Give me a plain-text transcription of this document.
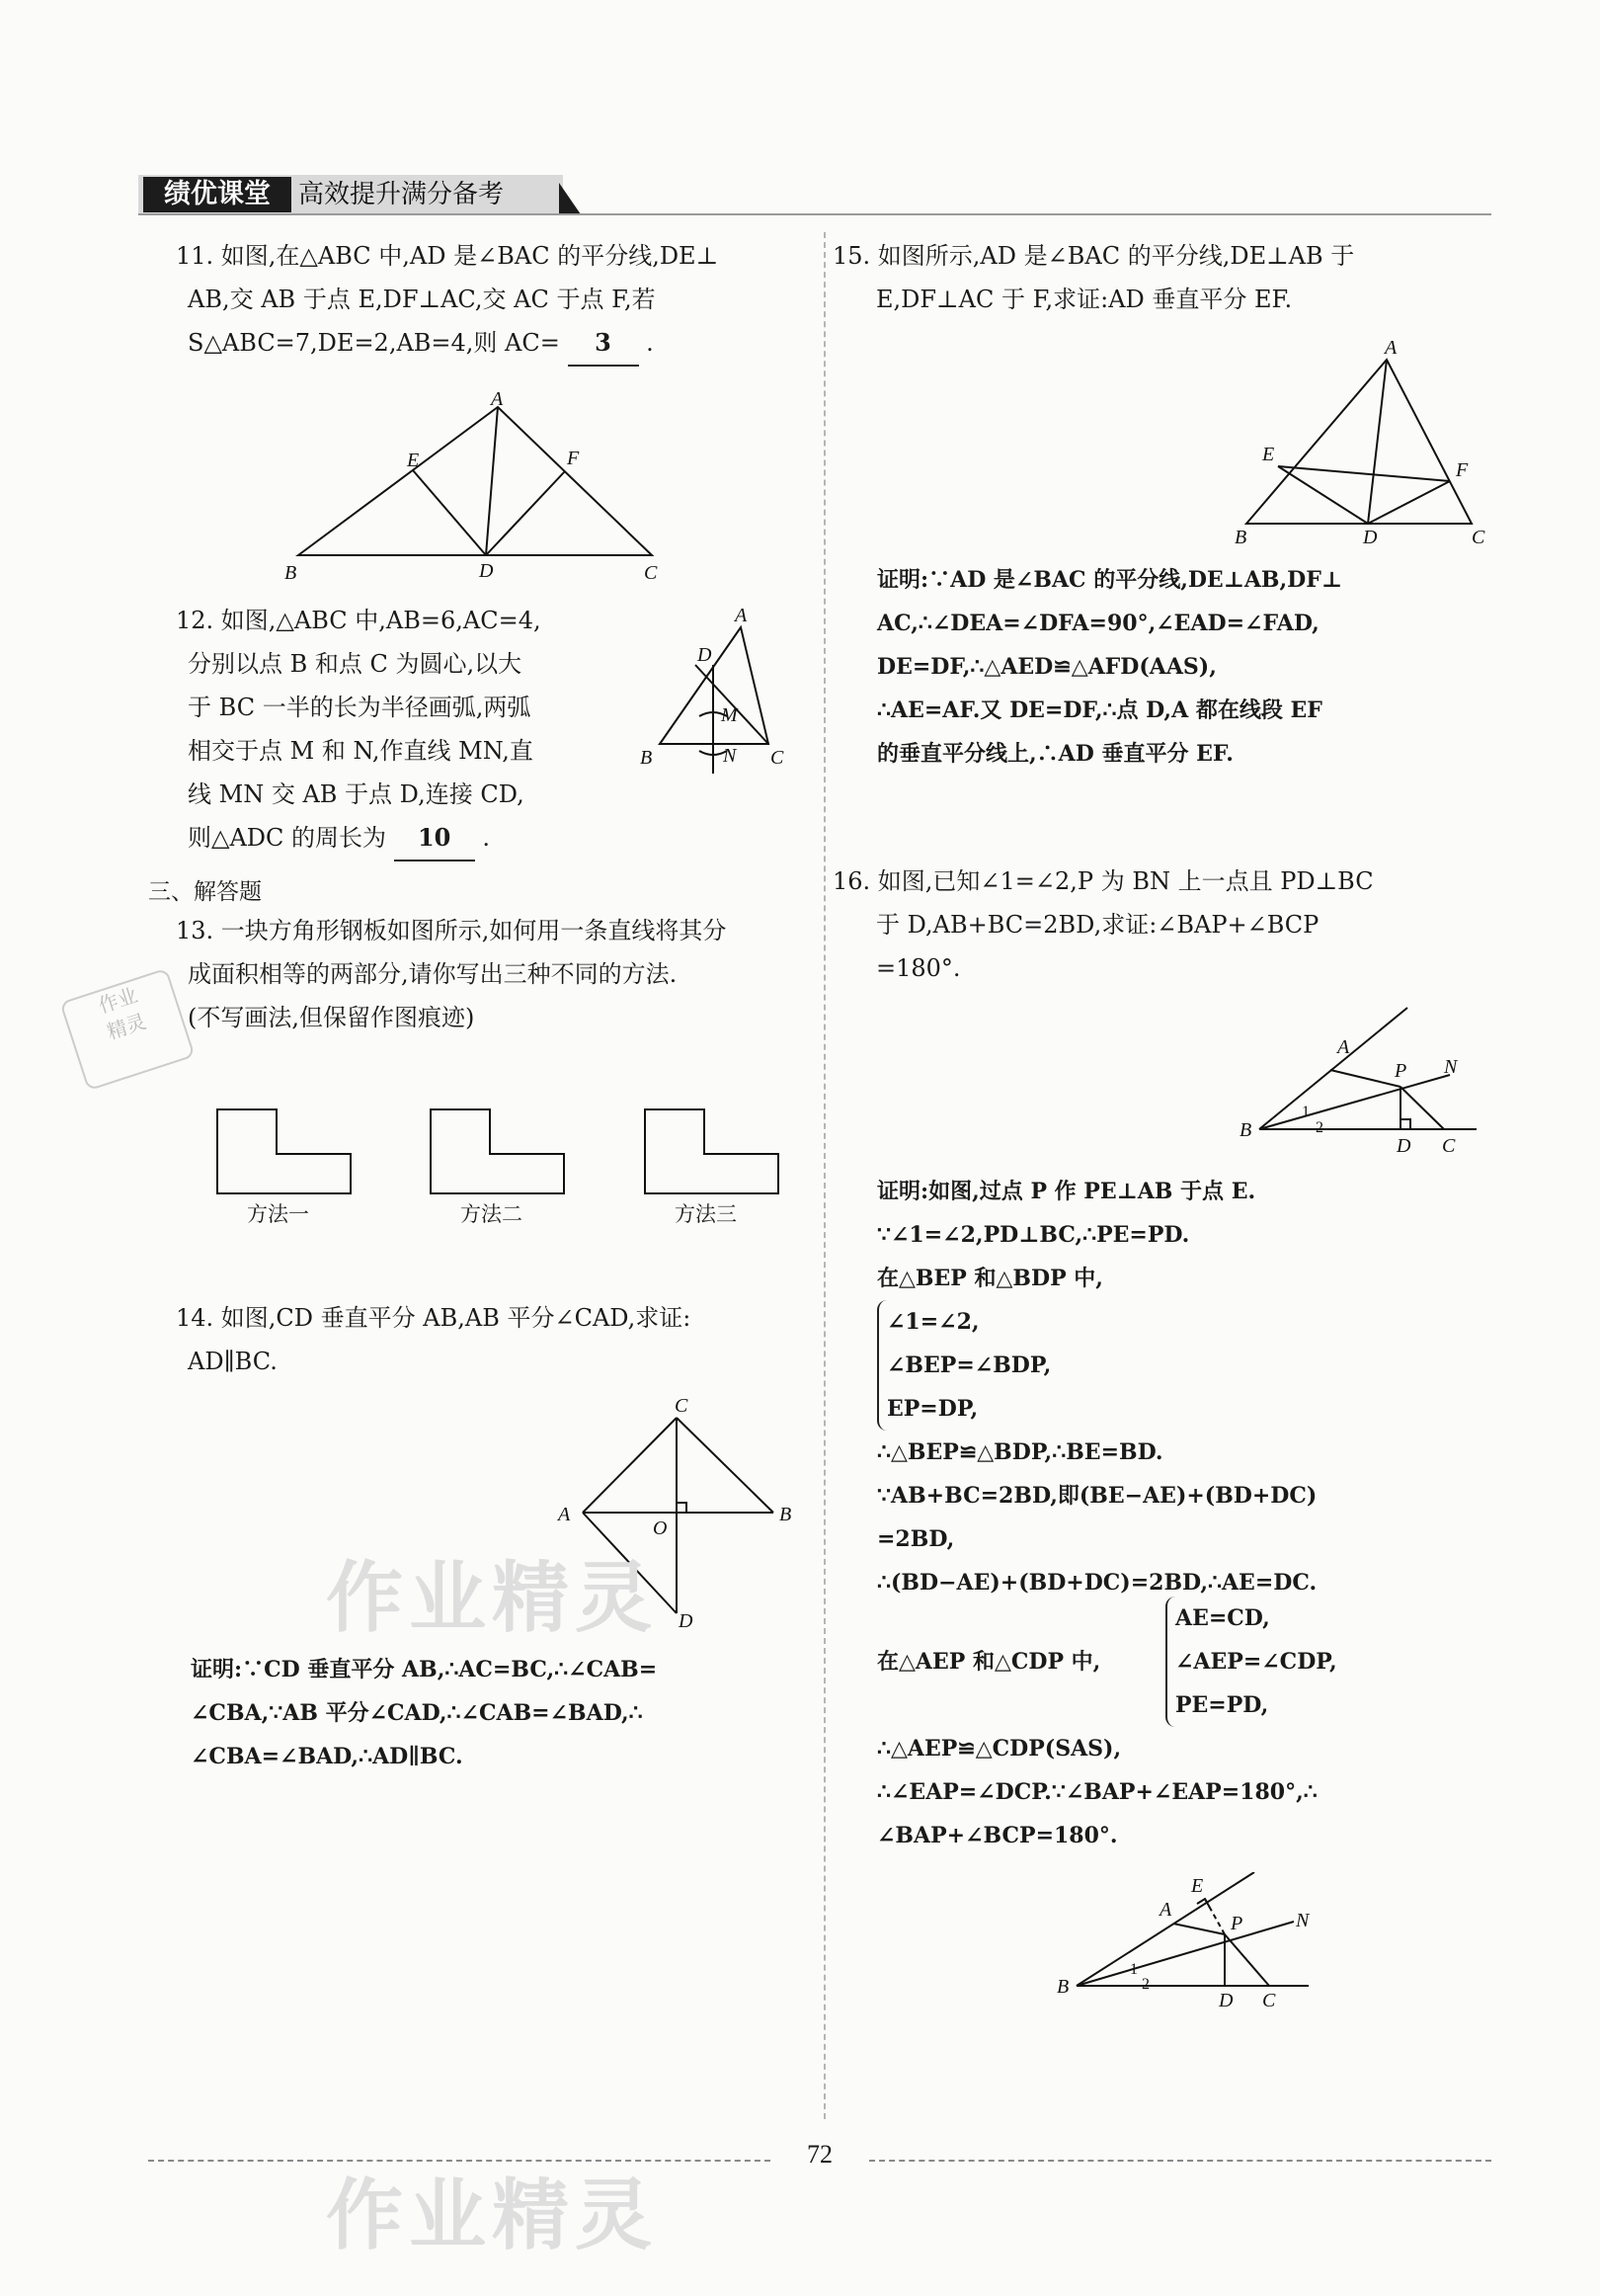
绩优课堂	高效提升满分备考
11. 如图,在△ABC 中,AD 是∠BAC 的平分线,DE⊥
AB,交 AB 于点 E,DF⊥AC,交 AC 于点 F,若
S△ABC=7,DE=2,AB=4,则 AC= 3 .
A
B	C
D
E	F
12. 如图,△ABC 中,AB=6,AC=4,
分别以点 B 和点 C 为圆心,以大
于 BC 一半的长为半径画弧,两弧
相交于点 M 和 N,作直线 MN,直
线 MN 交 AB 于点 D,连接 CD,
则△ADC 的周长为 10 .
A
B	C
D
M
N
三、解答题
13. 一块方角形钢板如图所示,如何用一条直线将其分
成面积相等的两部分,请你写出三种不同的方法.
(不写画法,但保留作图痕迹)
作业
精灵
方法一	方法二	方法三
14. 如图,CD 垂直平分 AB,AB 平分∠CAD,求证:
AD∥BC.
C
A	B
O
D
证明:∵CD 垂直平分 AB,∴AC=BC,∴∠CAB=
∠CBA,∵AB 平分∠CAD,∴∠CAB=∠BAD,∴
∠CBA=∠BAD,∴AD∥BC.
15. 如图所示,AD 是∠BAC 的平分线,DE⊥AB 于
E,DF⊥AC 于 F,求证:AD 垂直平分 EF.
A
B	C
D
E
F
证明:∵AD 是∠BAC 的平分线,DE⊥AB,DF⊥
AC,∴∠DEA=∠DFA=90°,∠EAD=∠FAD,
DE=DF,∴△AED≌△AFD(AAS),
∴AE=AF.又 DE=DF,∴点 D,A 都在线段 EF
的垂直平分线上,∴AD 垂直平分 EF.
16. 如图,已知∠1=∠2,P 为 BN 上一点且 PD⊥BC
于 D,AB+BC=2BD,求证:∠BAP+∠BCP
=180°.
A
B
C
D
P N
1
2
证明:如图,过点 P 作 PE⊥AB 于点 E.
∵∠1=∠2,PD⊥BC,∴PE=PD.
在△BEP 和△BDP 中,
∠1=∠2,
∠BEP=∠BDP,
EP=DP,
∴△BEP≌△BDP,∴BE=BD.
∵AB+BC=2BD,即(BE−AE)+(BD+DC)
=2BD,
∴(BD−AE)+(BD+DC)=2BD,∴AE=DC.
在△AEP 和△CDP 中,
AE=CD,
∠AEP=∠CDP,
PE=PD,
∴△AEP≌△CDP(SAS),
∴∠EAP=∠DCP.∵∠BAP+∠EAP=180°,∴
∠BAP+∠BCP=180°.
A
B
C
D
E
P	N
1
2
作业精灵
作业精灵
72
